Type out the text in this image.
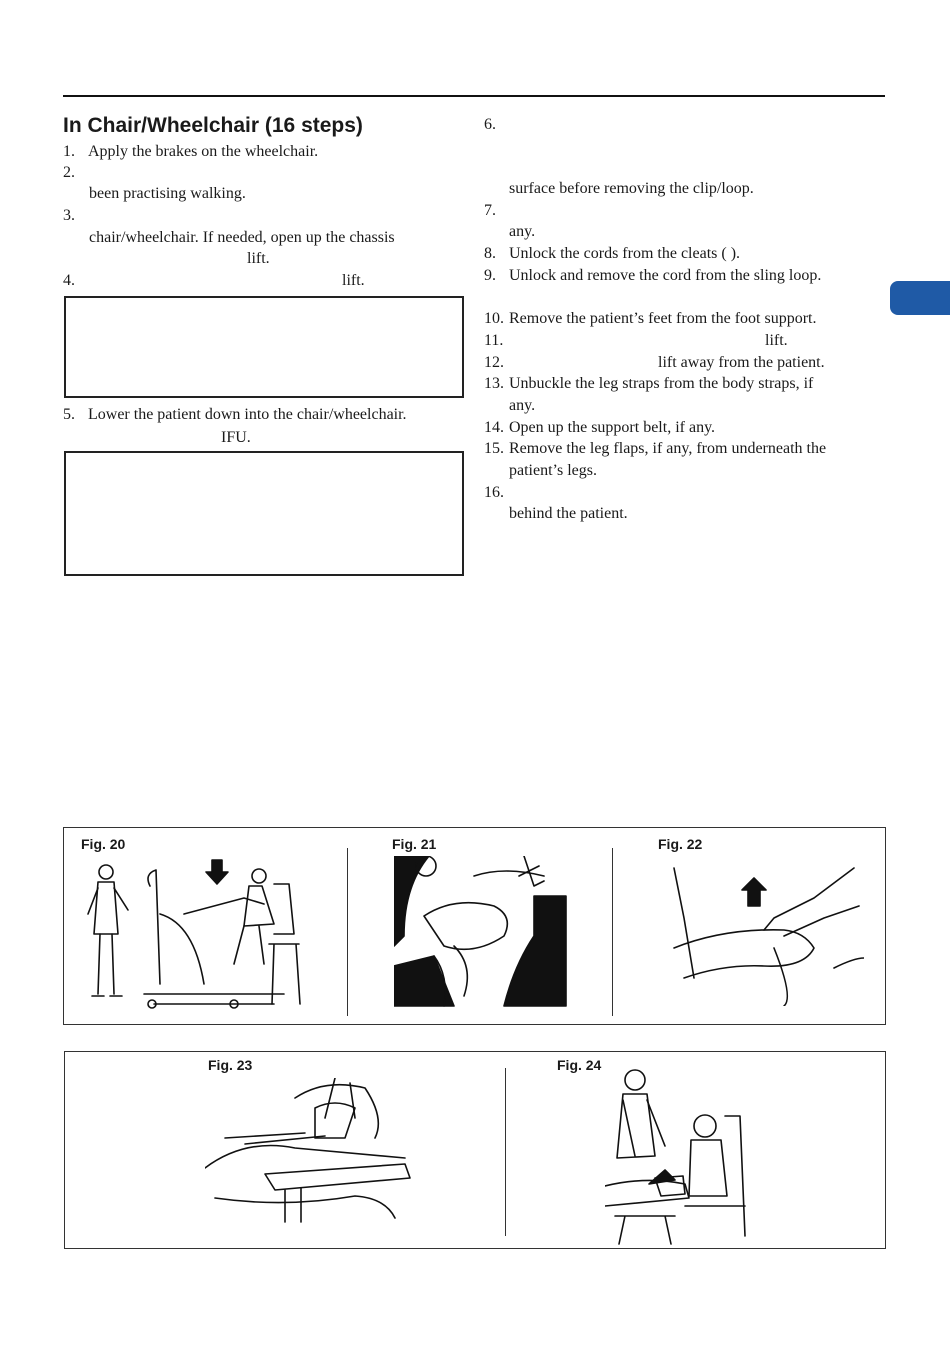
In Chair/Wheelchair (16 steps)
1. Apply the brakes on the wheelchair.
2.
been practising walking.
3.
chair/wheelchair. If needed, open up the chassis
lift.
4.	lift.
5. Lower the patient down into the chair/wheelchair.
IFU.
6.
surface before removing the clip/loop.
7.
any.
8. Unlock the cords from the cleats ( ).
9. Unlock and remove the cord from the sling loop.
10. Remove the patient’s feet from the foot support.
11.	lift.
12.	lift away from the patient.
13. Unbuckle the leg straps from the body straps, if
any.
14. Open up the support belt, if any.
15. Remove the leg flaps, if any, from underneath the
patient’s legs.
16.
behind the patient.
Fig. 20	Fig. 21	Fig. 22
Fig. 23	Fig. 24
